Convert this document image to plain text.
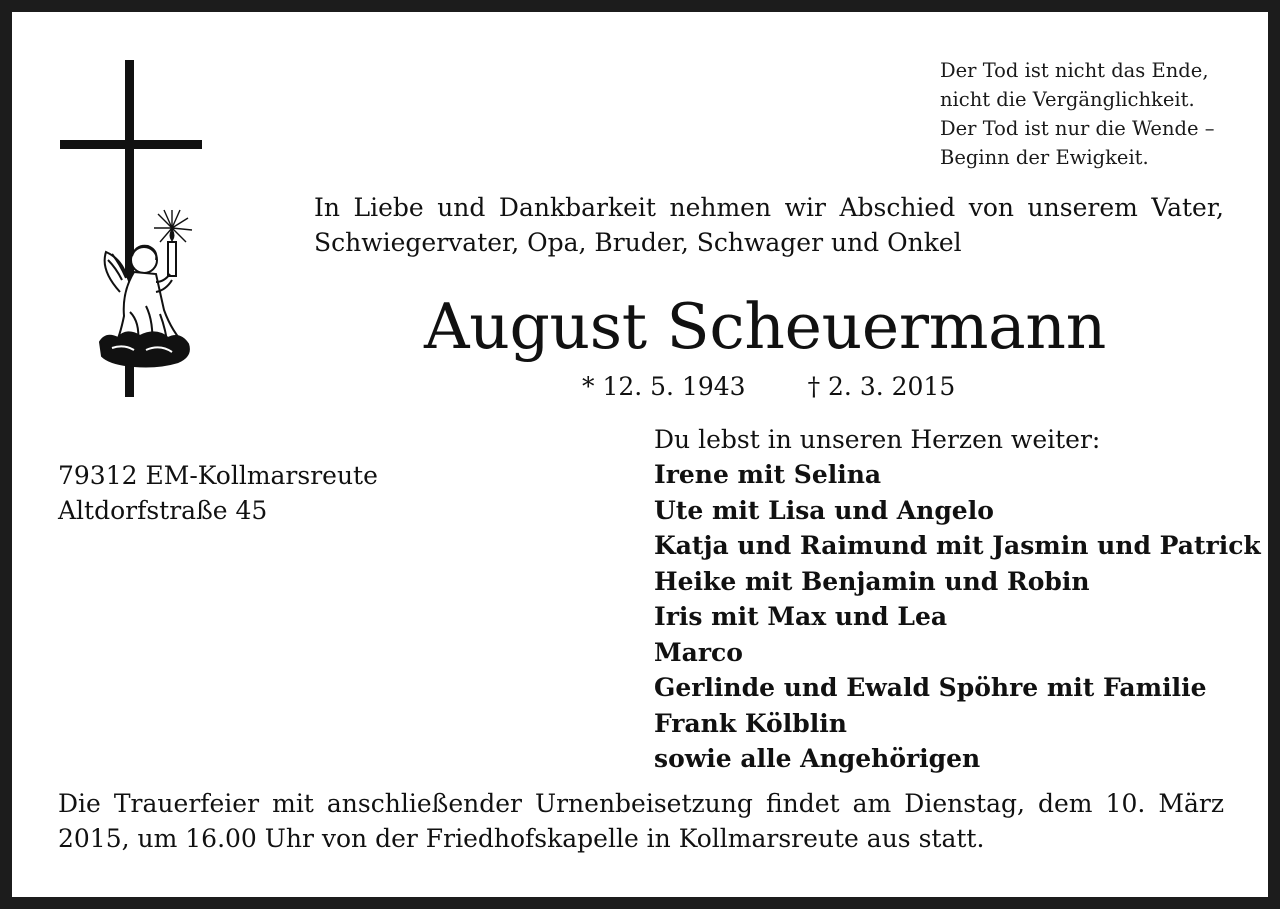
Der Tod ist nicht das Ende,
nicht die Vergänglichkeit.
Der Tod ist nur die Wende –
Beginn der Ewigkeit.
In Liebe und Dankbarkeit nehmen wir Abschied von unserem Vater, Schwiegervater, Opa, Bruder, Schwager und Onkel
August Scheuermann
* 12. 5. 1943 † 2. 3. 2015
79312 EM-Kollmarsreute
Altdorfstraße 45
Du lebst in unseren Herzen weiter:
Irene mit Selina
Ute mit Lisa und Angelo
Katja und Raimund mit Jasmin und Patrick
Heike mit Benjamin und Robin
Iris mit Max und Lea
Marco
Gerlinde und Ewald Spöhre mit Familie
Frank Kölblin
sowie alle Angehörigen
Die Trauerfeier mit anschließender Urnenbeisetzung findet am Dienstag, dem 10. März 2015, um 16.00 Uhr von der Friedhofskapelle in Kollmarsreute aus statt.
